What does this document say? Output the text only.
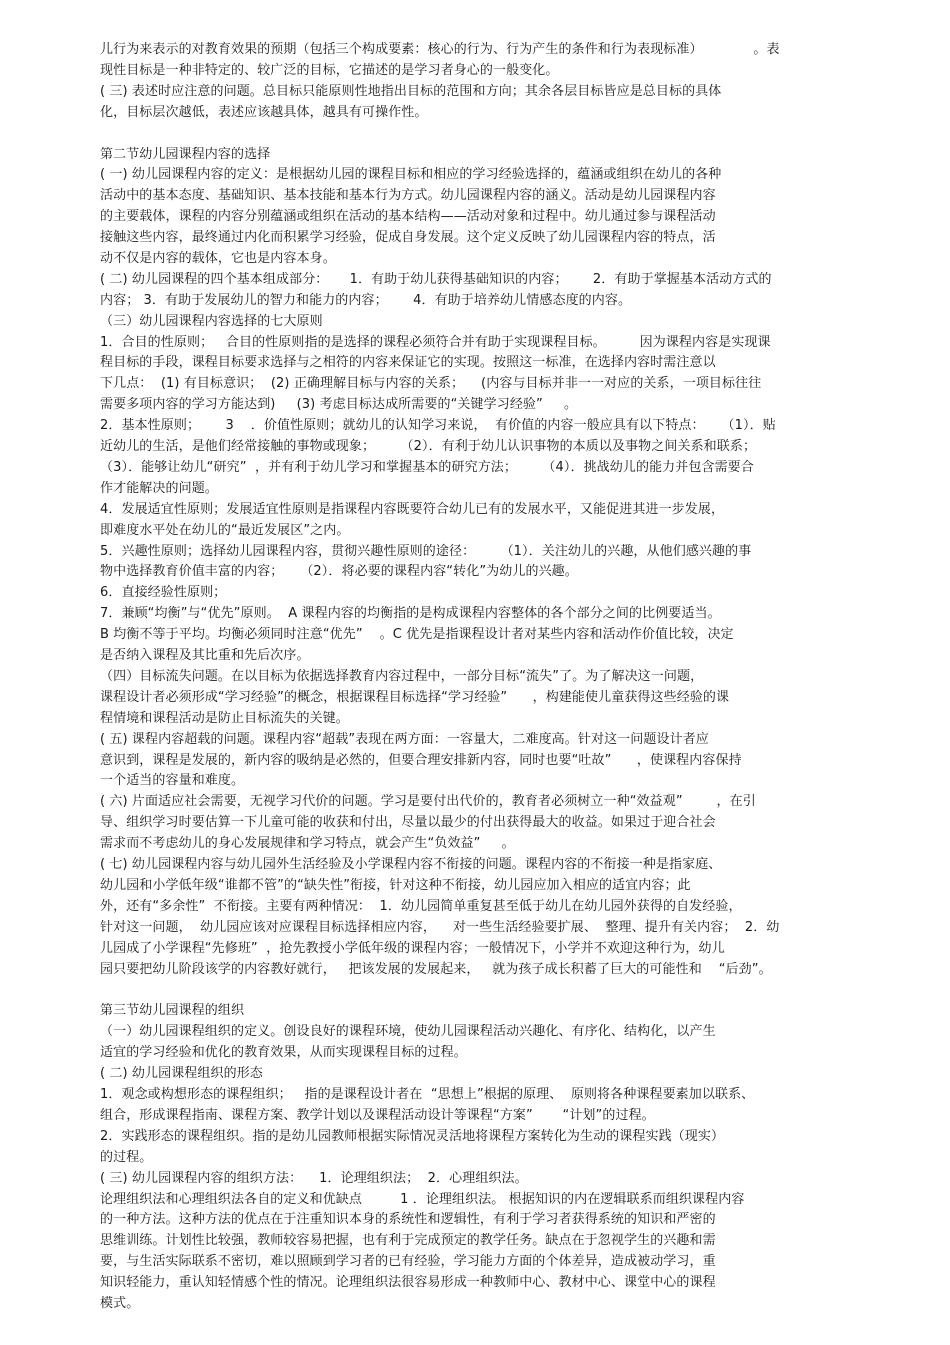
儿行为来表示的对教育效果的预期（包括三个构成要素：核心的行为、行为产生的条件和行为表现标准）            。表
现性目标是一种非特定的、较广泛的目标，它描述的是学习者身心的一般变化。
( 三) 表述时应注意的问题。总目标只能原则性地指出目标的范围和方向；其余各层目标皆应是总目标的具体
化，目标层次越低，表述应该越具体，越具有可操作性。
第二节幼儿园课程内容的选择
( 一) 幼儿园课程内容的定义：是根据幼儿园的课程目标和相应的学习经验选择的，蕴涵或组织在幼儿的各种
活动中的基本态度、基础知识、基本技能和基本行为方式。幼儿园课程内容的涵义。活动是幼儿园课程内容
的主要载体，课程的内容分别蕴涵或组织在活动的基本结构——活动对象和过程中。幼儿通过参与课程活动
接触这些内容，最终通过内化而积累学习经验，促成自身发展。这个定义反映了幼儿园课程内容的特点，活
动不仅是内容的载体，它也是内容本身。
( 二) 幼儿园课程的四个基本组成部分：     1．有助于幼儿获得基础知识的内容；      2．有助于掌握基本活动方式的
内容； 3．有助于发展幼儿的智力和能力的内容；      4．有助于培养幼儿情感态度的内容。
（三）幼儿园课程内容选择的七大原则
1．合目的性原则；   合目的性原则指的是选择的课程必须符合并有助于实现课程目标。        因为课程内容是实现课
程目标的手段，课程目标要求选择与之相符的内容来保证它的实现。按照这一标准，在选择内容时需注意以
下几点：  (1) 有目标意识；  (2) 正确理解目标与内容的关系；    (内容与目标并非一一对应的关系，一项目标往往
需要多项内容的学习方能达到)     (3) 考虑目标达成所需要的“关键学习经验”     。
2．基本性原则；      3    ．价值性原则；就幼儿的认知学习来说，  有价值的内容一般应具有以下特点：    （1）．贴
近幼儿的生活，是他们经常接触的事物或现象；      （2）．有利于幼儿认识事物的本质以及事物之间关系和联系；
（3）．能够让幼儿“研究”  ，并有利于幼儿学习和掌握基本的研究方法；      （4）．挑战幼儿的能力并包含需要合
作才能解决的问题。
4．发展适宜性原则；发展适宜性原则是指课程内容既要符合幼儿已有的发展水平，又能促进其进一步发展，
即难度水平处在幼儿的“最近发展区”之内。
5．兴趣性原则；选择幼儿园课程内容，贯彻兴趣性原则的途径：      （1）．关注幼儿的兴趣，从他们感兴趣的事
物中选择教育价值丰富的内容；    （2）．将必要的课程内容“转化”为幼儿的兴趣。
6．直接经验性原则；
7．兼顾“均衡”与“优先”原则。  A 课程内容的均衡指的是构成课程内容整体的各个部分之间的比例要适当。
B 均衡不等于平均。均衡必须同时注意“优先”    。C 优先是指课程设计者对某些内容和活动作价值比较，决定
是否纳入课程及其比重和先后次序。
（四）目标流失问题。在以目标为依据选择教育内容过程中，一部分目标“流失”了。为了解决这一问题，
课程设计者必须形成“学习经验”的概念，根据课程目标选择“学习经验”      ，构建能使儿童获得这些经验的课
程情境和课程活动是防止目标流失的关键。
( 五) 课程内容超载的问题。课程内容“超载”表现在两方面：一容量大，二难度高。针对这一问题设计者应
意识到，课程是发展的，新内容的吸纳是必然的，但要合理安排新内容，同时也要“吐故”      ，使课程内容保持
一个适当的容量和难度。
( 六) 片面适应社会需要，无视学习代价的问题。学习是要付出代价的，教育者必须树立一种“效益观”        ，在引
导、组织学习时要估算一下儿童可能的收获和付出，尽量以最少的付出获得最大的收益。如果过于迎合社会
需求而不考虑幼儿的身心发展规律和学习特点，就会产生“负效益”     。
( 七) 幼儿园课程内容与幼儿园外生活经验及小学课程内容不衔接的问题。课程内容的不衔接一种是指家庭、
幼儿园和小学低年级“谁都不管”的“缺失性”衔接，针对这种不衔接，幼儿园应加入相应的适宜内容；此
外，还有“多余性”  不衔接。主要有两种情况：  1．幼儿园简单重复甚至低于幼儿在幼儿园外获得的自发经验，
针对这一问题，  幼儿园应该对应课程目标选择相应内容，    对一些生活经验要扩展、  整理、提升有关内容；  2．幼
儿园成了小学课程“先修班”  ，抢先教授小学低年级的课程内容；一般情况下，小学并不欢迎这种行为，幼儿
园只要把幼儿阶段该学的内容教好就行，   把该发展的发展起来，   就为孩子成长积蓄了巨大的可能性和    “后劲”。
第三节幼儿园课程的组织
（一）幼儿园课程组织的定义。创设良好的课程环境，使幼儿园课程活动兴趣化、有序化、结构化，以产生
适宜的学习经验和优化的教育效果，从而实现课程目标的过程。
( 二) 幼儿园课程组织的形态
1．观念或构想形态的课程组织；   指的是课程设计者在  “思想上”根据的原理、  原则将各种课程要素加以联系、
组合，形成课程指南、课程方案、教学计划以及课程活动设计等课程“方案”       “计划”的过程。
2．实践形态的课程组织。指的是幼儿园教师根据实际情况灵活地将课程方案转化为生动的课程实践（现实）
的过程。
( 三) 幼儿园课程内容的组织方法：    1．论理组织法；  2．心理组织法。
论理组织法和心理组织法各自的定义和优缺点         1 ．论理组织法。 根据知识的内在逻辑联系而组织课程内容
的一种方法。这种方法的优点在于注重知识本身的系统性和逻辑性，有利于学习者获得系统的知识和严密的
思维训练。计划性比较强，教师较容易把握，也有利于完成预定的教学任务。缺点在于忽视学生的兴趣和需
要，与生活实际联系不密切，难以照顾到学习者的已有经验，学习能力方面的个体差异，造成被动学习，重
知识轻能力，重认知轻情感个性的情况。论理组织法很容易形成一种教师中心、教材中心、课堂中心的课程
模式。
